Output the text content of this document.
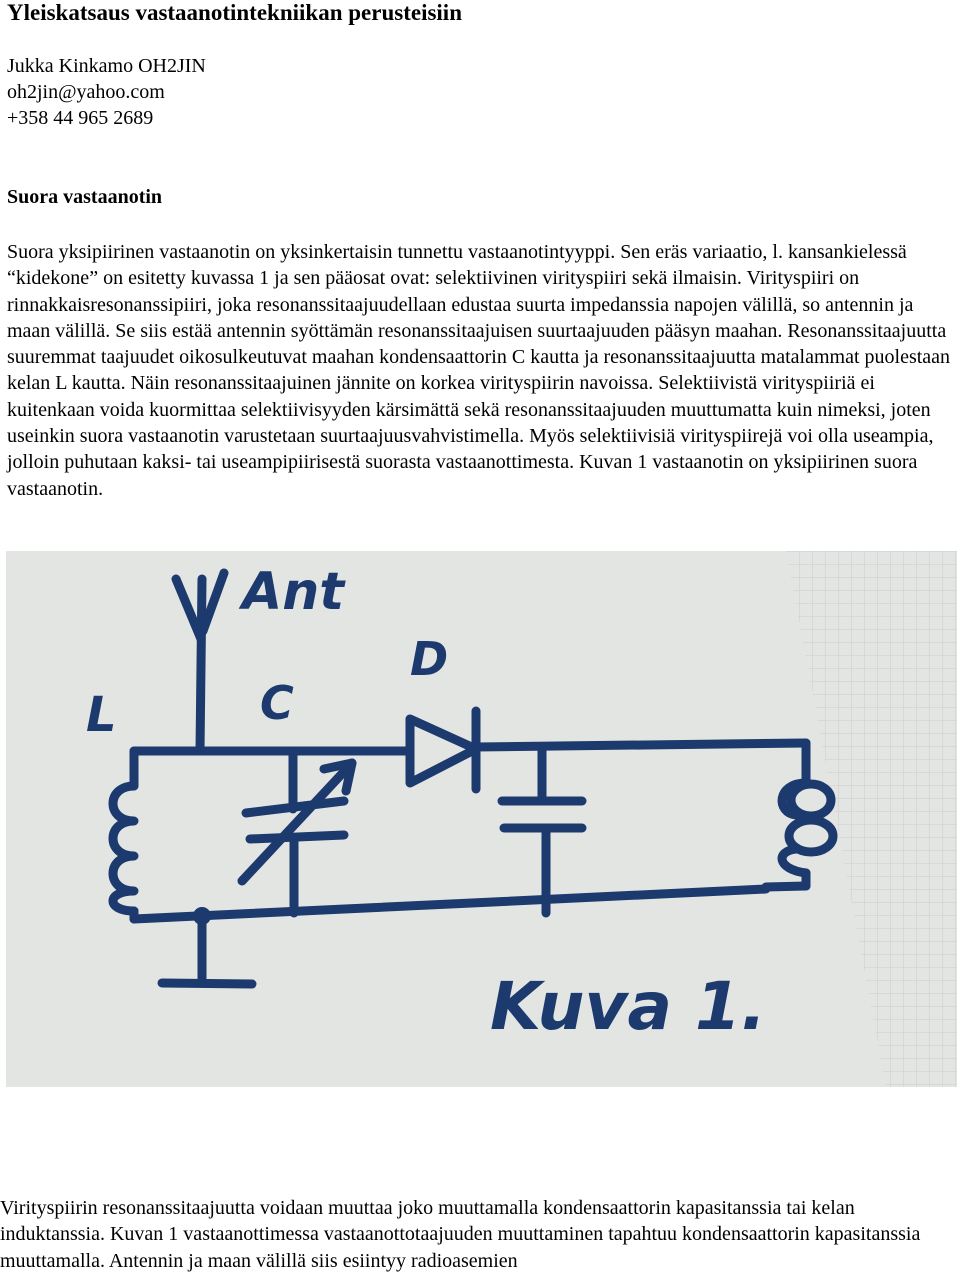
Yleiskatsaus vastaanotintekniikan perusteisiin
Jukka Kinkamo OH2JIN
oh2jin@yahoo.com
+358 44 965 2689
Suora vastaanotin

Suora yksipiirinen vastaanotin on yksinkertaisin tunnettu vastaanotintyyppi. Sen eräs variaatio, l. kansankielessä “kidekone” on esitetty kuvassa 1 ja sen pääosat ovat: selektiivinen virityspiiri sekä ilmaisin. Virityspiiri on rinnakkaisresonanssipiiri, joka resonanssitaajuudellaan edustaa suurta impedanssia napojen välillä, so antennin ja maan välillä. Se siis estää antennin syöttämän resonanssitaajuisen suurtaajuuden pääsyn maahan. Resonanssitaajuutta suuremmat taajuudet oikosulkeutuvat maahan kondensaattorin C kautta ja resonanssitaajuutta matalammat puolestaan kelan L kautta. Näin resonanssitaajuinen jännite on korkea virityspiirin navoissa. Selektiivistä virityspiiriä ei kuitenkaan voida kuormittaa selektiivisyyden kärsimättä sekä resonanssitaajuuden muuttumatta kuin nimeksi, joten useinkin suora vastaanotin varustetaan suurtaajuusvahvistimella. Myös selektiivisiä virityspiirejä voi olla useampia, jolloin puhutaan kaksi- tai useampipiirisestä suorasta vastaanottimesta. Kuvan 1 vastaanotin on yksipiirinen suora vastaanotin.

Ant
L	C
D
Kuva 1.

Virityspiirin resonanssitaajuutta voidaan muuttaa joko muuttamalla kondensaattorin kapasitanssia tai kelan induktanssia. Kuvan 1 vastaanottimessa vastaanottotaajuuden muuttaminen tapahtuu kondensaattorin kapasitanssia muuttamalla. Antennin ja maan välillä siis esiintyy radioasemien
